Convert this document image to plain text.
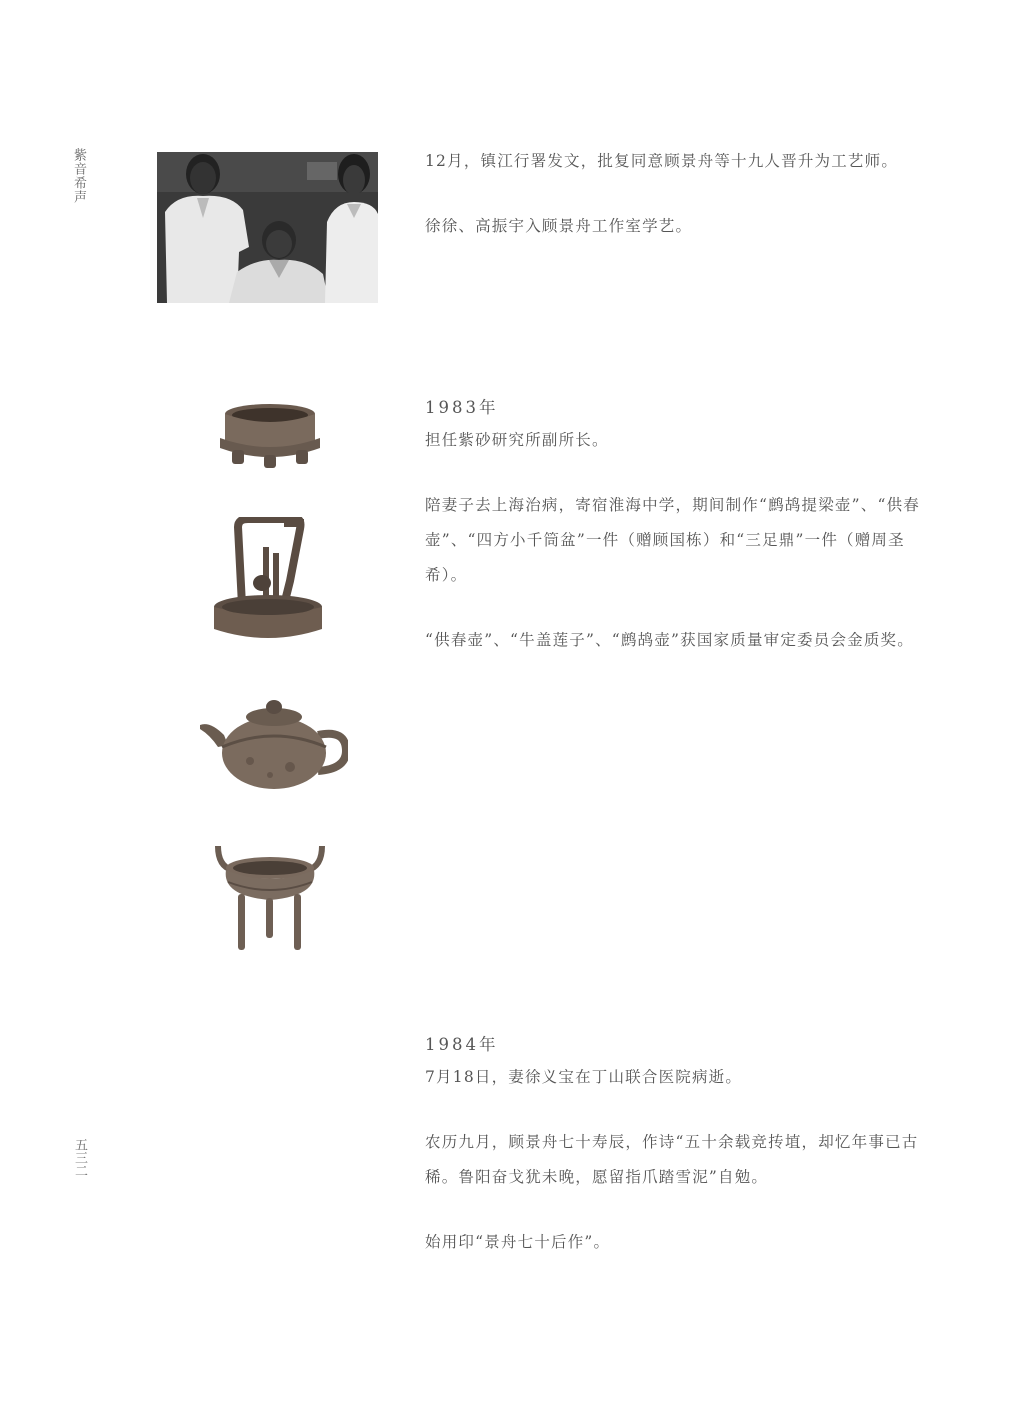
紫音希声
五三二

12月，镇江行署发文，批复同意顾景舟等十九人晋升为工艺师。

徐徐、高振宇入顾景舟工作室学艺。

1983年

担任紫砂研究所副所长。

陪妻子去上海治病，寄宿淮海中学，期间制作“鹧鸪提梁壶”、“供春壶”、“四方小千筒盆”一件（赠顾国栋）和“三足鼎”一件（赠周圣希）。

“供春壶”、“牛盖莲子”、“鹧鸪壶”获国家质量审定委员会金质奖。

1984年

7月18日，妻徐义宝在丁山联合医院病逝。

农历九月，顾景舟七十寿辰，作诗“五十余载竞抟埴，却忆年事已古稀。鲁阳奋戈犹未晚，愿留指爪踏雪泥”自勉。

始用印“景舟七十后作”。
